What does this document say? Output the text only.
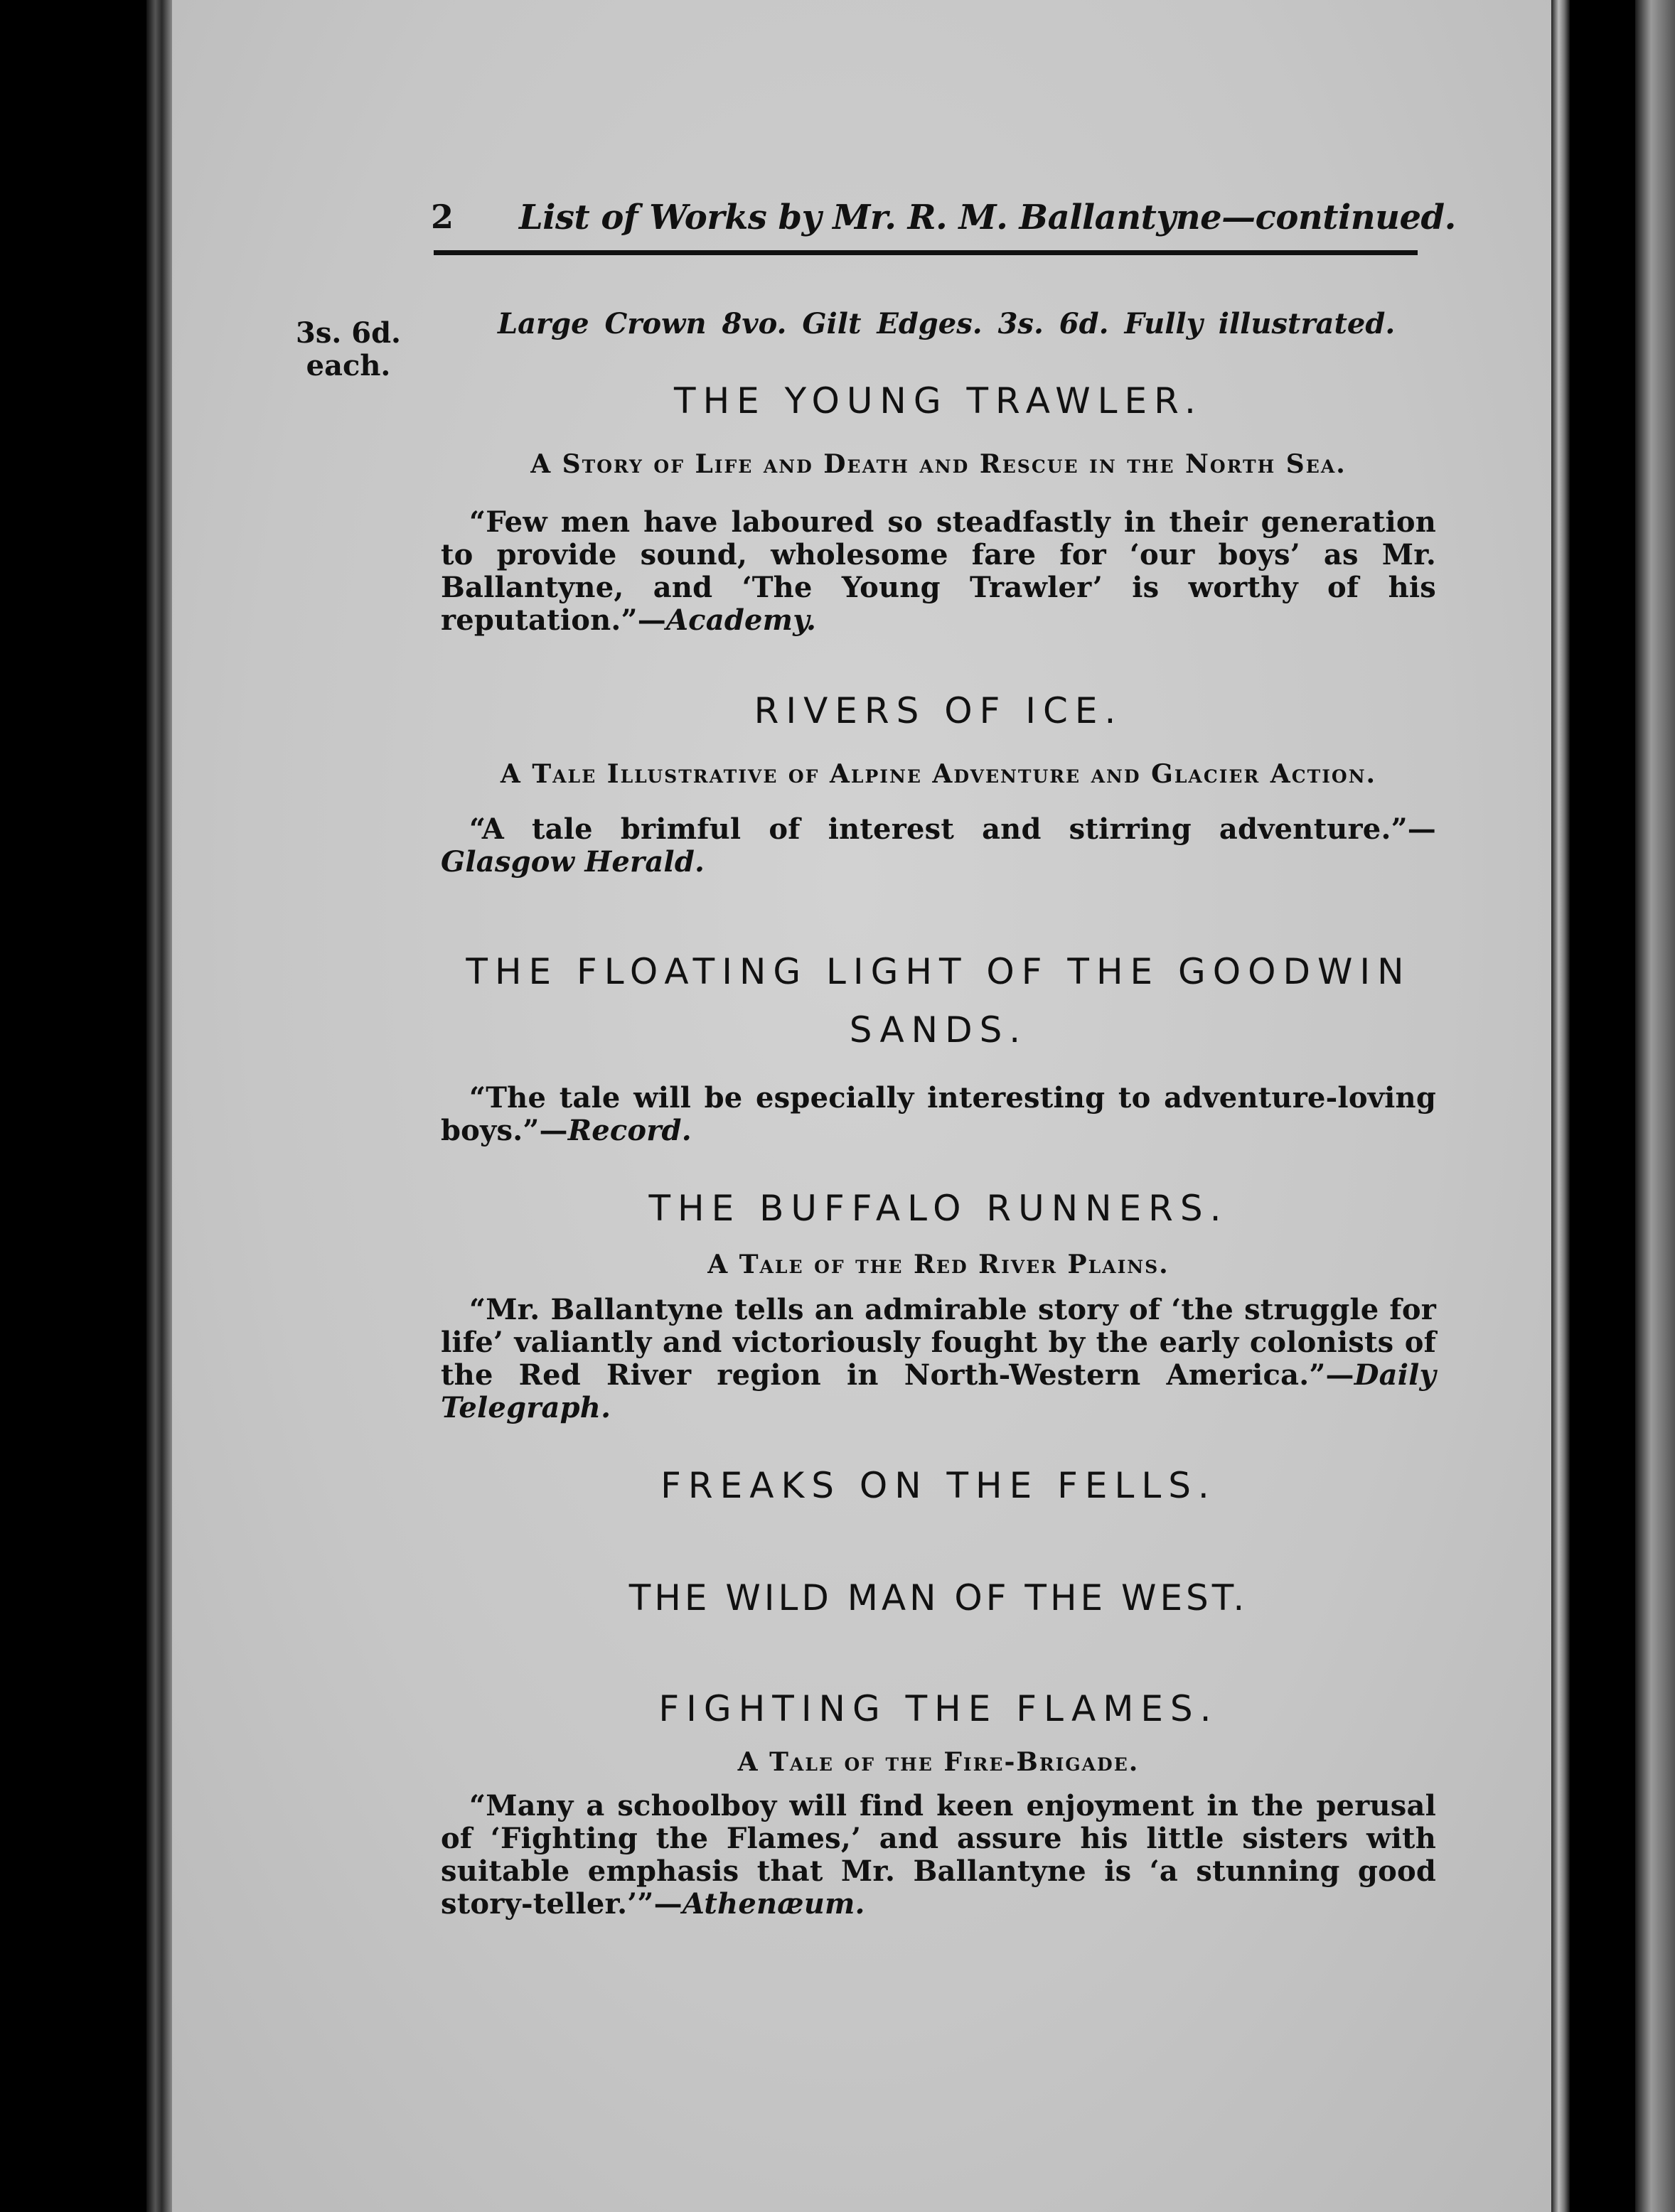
2 List of Works by Mr. R. M. Ballantyne—continued.
3s. 6d. each.
Large Crown 8vo. Gilt Edges. 3s. 6d. Fully illustrated.
THE YOUNG TRAWLER.

A Story of Life and Death and Rescue in the North Sea.

“Few men have laboured so steadfastly in their generation to provide sound, wholesome fare for ‘our boys’ as Mr. Ballantyne, and ‘The Young Trawler’ is worthy of his reputation.”—Academy.

RIVERS OF ICE.

A Tale Illustrative of Alpine Adventure and Glacier Action.

“A tale brimful of interest and stirring adventure.”—Glasgow Herald.

THE FLOATING LIGHT OF THE GOODWIN SANDS.

“The tale will be especially interesting to adventure-loving boys.”—Record.

THE BUFFALO RUNNERS.

A Tale of the Red River Plains.

“Mr. Ballantyne tells an admirable story of ‘the struggle for life’ valiantly and victoriously fought by the early colonists of the Red River region in North-Western America.”—Daily Telegraph.

FREAKS ON THE FELLS.
THE WILD MAN OF THE WEST.
FIGHTING THE FLAMES.

A Tale of the Fire-Brigade.

“Many a schoolboy will find keen enjoyment in the perusal of ‘Fighting the Flames,’ and assure his little sisters with suitable emphasis that Mr. Ballantyne is ‘a stunning good story-teller.’”—Athenæum.
